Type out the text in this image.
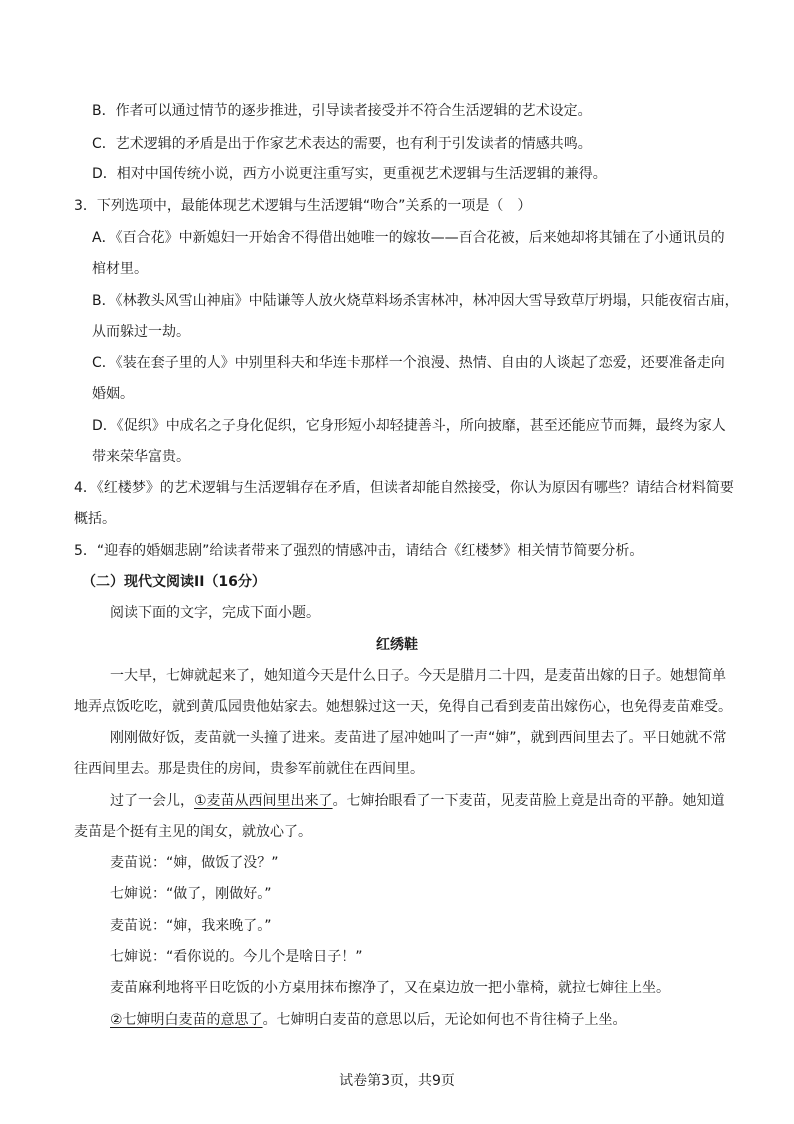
B．作者可以通过情节的逐步推进，引导读者接受并不符合生活逻辑的艺术设定。
C．艺术逻辑的矛盾是出于作家艺术表达的需要，也有利于引发读者的情感共鸣。
D．相对中国传统小说，西方小说更注重写实，更重视艺术逻辑与生活逻辑的兼得。
3．下列选项中，最能体现艺术逻辑与生活逻辑“吻合”关系的一项是（　）
A．《百合花》中新媳妇一开始舍不得借出她唯一的嫁妆——百合花被，后来她却将其铺在了小通讯员的
棺材里。
B．《林教头风雪山神庙》中陆谦等人放火烧草料场杀害林冲，林冲因大雪导致草厅坍塌，只能夜宿古庙，
从而躲过一劫。
C．《装在套子里的人》中别里科夫和华连卡那样一个浪漫、热情、自由的人谈起了恋爱，还要准备走向
婚姻。
D．《促织》中成名之子身化促织，它身形短小却轻捷善斗，所向披靡，甚至还能应节而舞，最终为家人
带来荣华富贵。
4．《红楼梦》的艺术逻辑与生活逻辑存在矛盾，但读者却能自然接受，你认为原因有哪些？请结合材料简要
概括。
5．“迎春的婚姻悲剧”给读者带来了强烈的情感冲击，请结合《红楼梦》相关情节简要分析。
（二）现代文阅读II（16分）
阅读下面的文字，完成下面小题。
红绣鞋
一大早，七婶就起来了，她知道今天是什么日子。今天是腊月二十四，是麦苗出嫁的日子。她想简单
地弄点饭吃吃，就到黄瓜园贵他姑家去。她想躲过这一天，免得自己看到麦苗出嫁伤心，也免得麦苗难受。
刚刚做好饭，麦苗就一头撞了进来。麦苗进了屋冲她叫了一声“婶”，就到西间里去了。平日她就不常
往西间里去。那是贵住的房间，贵参军前就住在西间里。
过了一会儿，①麦苗从西间里出来了。七婶抬眼看了一下麦苗，见麦苗脸上竟是出奇的平静。她知道
麦苗是个挺有主见的闺女，就放心了。
麦苗说：“婶，做饭了没？”
七婶说：“做了，刚做好。”
麦苗说：“婶，我来晚了。”
七婶说：“看你说的。今儿个是啥日子！”
麦苗麻利地将平日吃饭的小方桌用抹布擦净了，又在桌边放一把小靠椅，就拉七婶往上坐。
②七婶明白麦苗的意思了。七婶明白麦苗的意思以后，无论如何也不肯往椅子上坐。
试卷第3页，共9页
